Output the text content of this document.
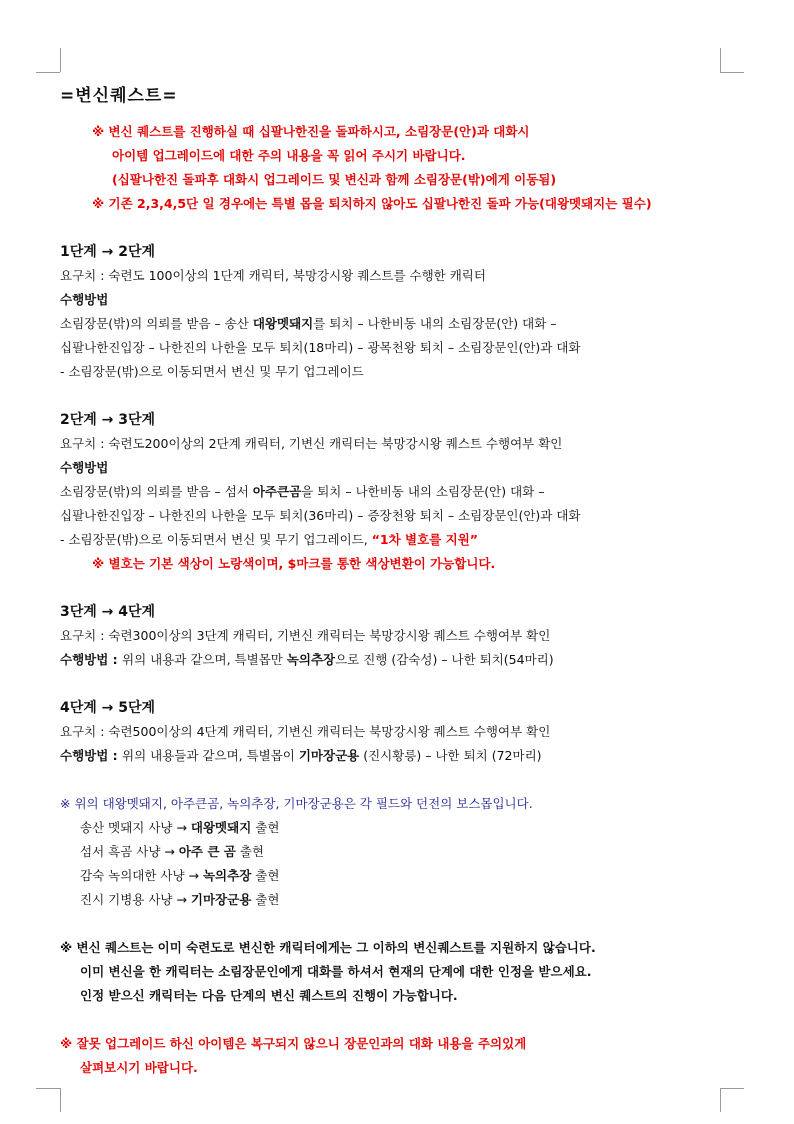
=변신퀘스트=
※ 변신 퀘스트를 진행하실 때 십팔나한진을 돌파하시고, 소림장문(안)과 대화시
아이템 업그레이드에 대한 주의 내용을 꼭 읽어 주시기 바랍니다.
(십팔나한진 돌파후 대화시 업그레이드 및 변신과 함께 소림장문(밖)에게 이동됨)
※ 기존 2,3,4,5단 일 경우에는 특별 몹을 퇴치하지 않아도 십팔나한진 돌파 가능(대왕멧돼지는 필수)
1단계 → 2단계
요구치 : 숙련도 100이상의 1단계 캐릭터, 북망강시왕 퀘스트를 수행한 캐릭터
수행방법
소림장문(밖)의 의뢰를 받음 – 송산 대왕멧돼지를 퇴치 – 나한비동 내의 소림장문(안) 대화 –
십팔나한진입장 – 나한진의 나한을 모두 퇴치(18마리) – 광목천왕 퇴치 – 소림장문인(안)과 대화
- 소림장문(밖)으로 이동되면서 변신 및 무기 업그레이드
2단계 → 3단계
요구치 : 숙련도200이상의 2단계 캐릭터, 기변신 캐릭터는 북망강시왕 퀘스트 수행여부 확인
수행방법
소림장문(밖)의 의뢰를 받음 – 섬서 아주큰곰을 퇴치 – 나한비동 내의 소림장문(안) 대화 –
십팔나한진입장 – 나한진의 나한을 모두 퇴치(36마리) – 증장천왕 퇴치 – 소림장문인(안)과 대화
- 소림장문(밖)으로 이동되면서 변신 및 무기 업그레이드, “1차 별호를 지원”
※ 별호는 기본 색상이 노랑색이며, $마크를 통한 색상변환이 가능합니다.
3단계 → 4단계
요구치 : 숙련300이상의 3단계 캐릭터, 기변신 캐릭터는 북망강시왕 퀘스트 수행여부 확인
수행방법 : 위의 내용과 같으며, 특별몹만 녹의추장으로 진행 (감숙성) – 나한 퇴치(54마리)
4단계 → 5단계
요구치 : 숙련500이상의 4단계 캐릭터, 기변신 캐릭터는 북망강시왕 퀘스트 수행여부 확인
수행방법 : 위의 내용들과 같으며, 특별몹이 기마장군용 (진시황릉) – 나한 퇴치 (72마리)
※ 위의 대왕멧돼지, 아주큰곰, 녹의추장, 기마장군용은 각 필드와 던전의 보스몹입니다.
송산 멧돼지 사냥 → 대왕멧돼지 출현
섬서 흑곰 사냥 → 아주 큰 곰 출현
감숙 녹의대한 사냥 → 녹의추장 출현
진시 기병용 사냥 → 기마장군용 출현
※ 변신 퀘스트는 이미 숙련도로 변신한 캐릭터에게는 그 이하의 변신퀘스트를 지원하지 않습니다.
이미 변신을 한 캐릭터는 소림장문인에게 대화를 하셔서 현재의 단계에 대한 인정을 받으세요.
인정 받으신 캐릭터는 다음 단계의 변신 퀘스트의 진행이 가능합니다.
※ 잘못 업그레이드 하신 아이템은 복구되지 않으니 장문인과의 대화 내용을 주의있게
살펴보시기 바랍니다.
